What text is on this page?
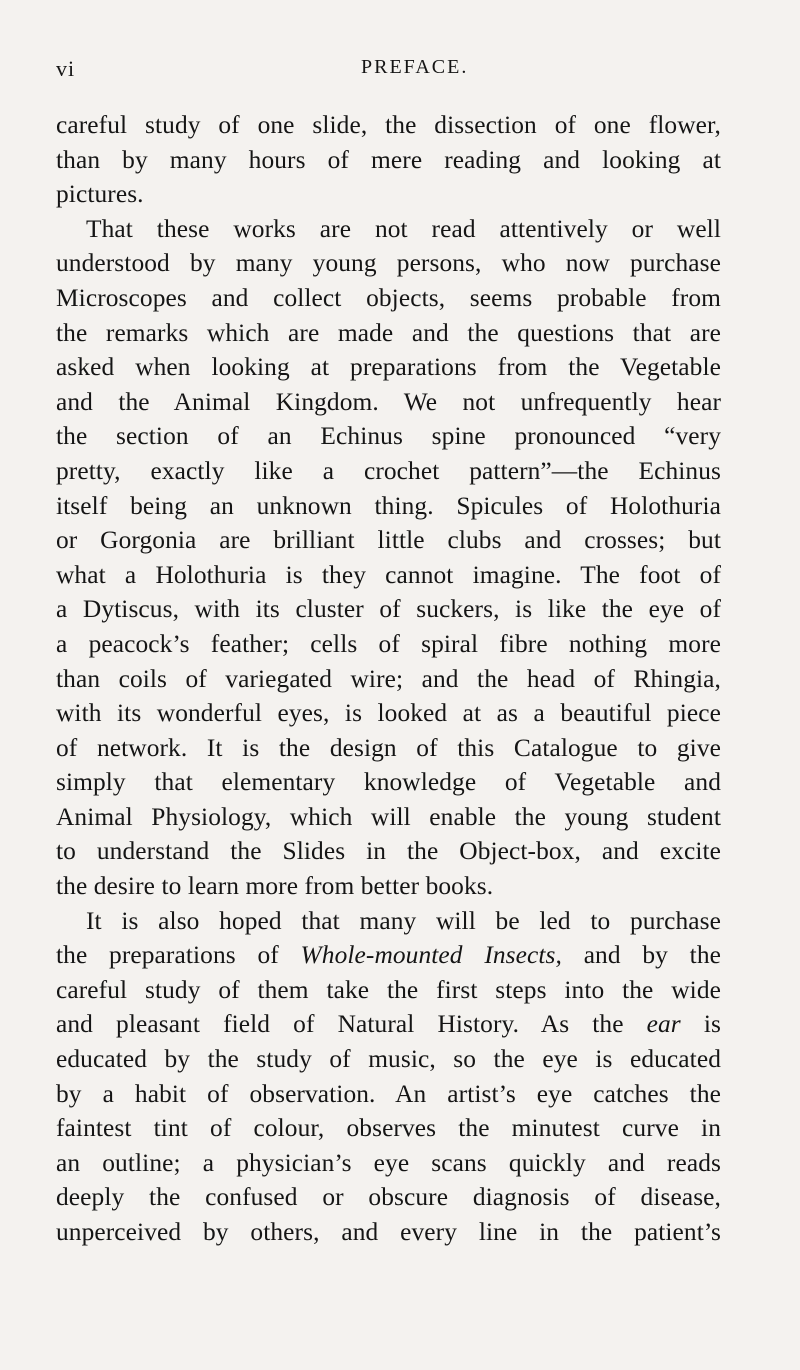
vi	PREFACE.
careful study of one slide, the dissection of one flower,
than by many hours of mere reading and looking at
pictures.
That these works are not read attentively or well
understood by many young persons, who now purchase
Microscopes and collect objects, seems probable from
the remarks which are made and the questions that are
asked when looking at preparations from the Vegetable
and the Animal Kingdom. We not unfrequently hear
the section of an Echinus spine pronounced “very
pretty, exactly like a crochet pattern”—the Echinus
itself being an unknown thing. Spicules of Holothuria
or Gorgonia are brilliant little clubs and crosses; but
what a Holothuria is they cannot imagine. The foot of
a Dytiscus, with its cluster of suckers, is like the eye of
a peacock’s feather; cells of spiral fibre nothing more
than coils of variegated wire; and the head of Rhingia,
with its wonderful eyes, is looked at as a beautiful piece
of network. It is the design of this Catalogue to give
simply that elementary knowledge of Vegetable and
Animal Physiology, which will enable the young student
to understand the Slides in the Object-box, and excite
the desire to learn more from better books.
It is also hoped that many will be led to purchase
the preparations of Whole-mounted Insects, and by the
careful study of them take the first steps into the wide
and pleasant field of Natural History. As the ear is
educated by the study of music, so the eye is educated
by a habit of observation. An artist’s eye catches the
faintest tint of colour, observes the minutest curve in
an outline; a physician’s eye scans quickly and reads
deeply the confused or obscure diagnosis of disease,
unperceived by others, and every line in the patient’s
